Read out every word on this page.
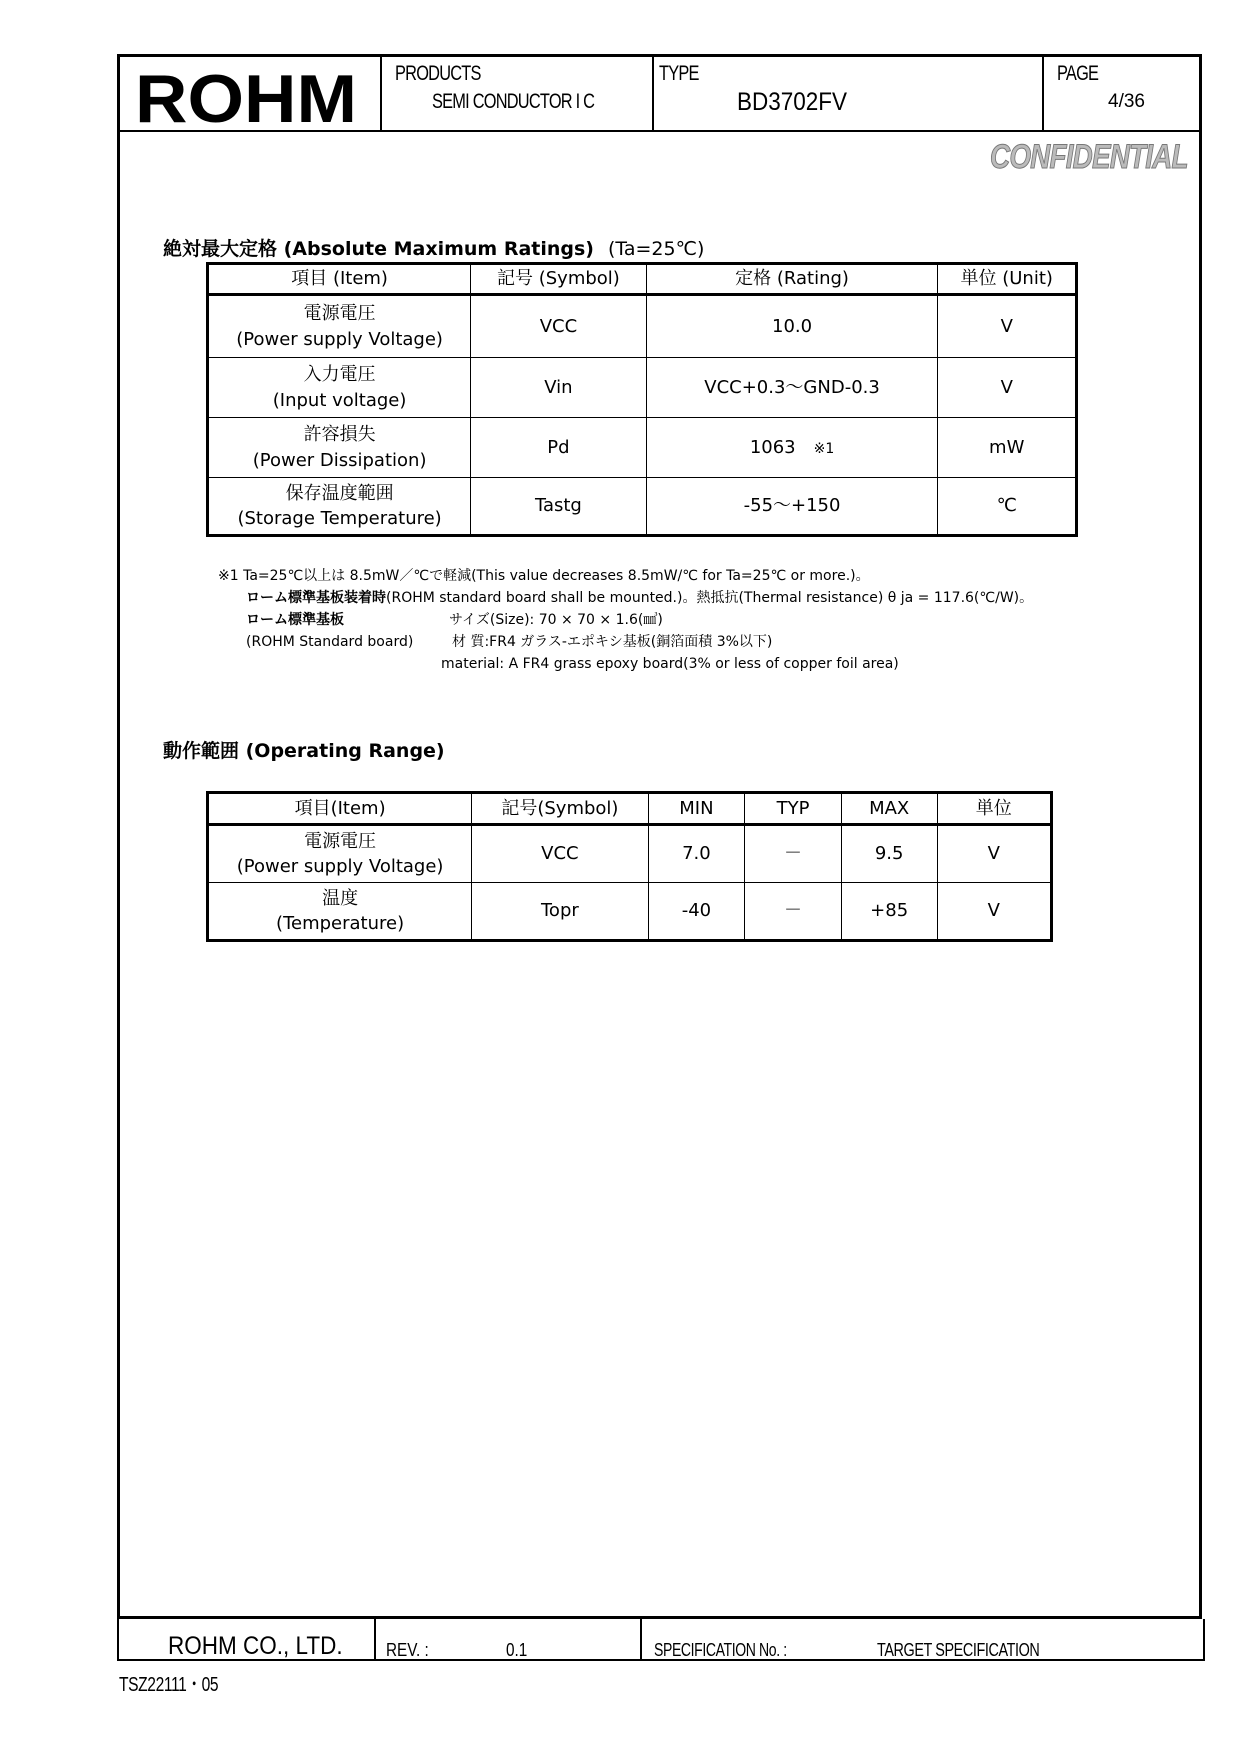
ROHM PRODUCTS
SEMI CONDUCTOR I C
TYPE
BD3702FV
PAGE
4/36
CONFIDENTIAL
絶対最大定格 (Absolute Maximum Ratings) (Ta=25℃)
項目 (Item)	記号 (Symbol)	定格 (Rating)	単位 (Unit)

電源電圧
(Power supply Voltage)	VCC	10.0	V

入力電圧
(Input voltage)	Vin	VCC+0.3～GND-0.3	V

許容損失
(Power Dissipation)	Pd	1063 ※1	mW

保存温度範囲
(Storage Temperature)	Tastg	-55～+150	℃
※1 Ta=25℃以上は 8.5mW／℃で軽減(This value decreases 8.5mW/℃ for Ta=25℃ or more.)。
ローム標準基板装着時(ROHM standard board shall be mounted.)。熱抵抗(Thermal resistance) θ ja = 117.6(℃/W)。
ローム標準基板	サイズ(Size): 70 × 70 × 1.6(㎣)
(ROHM Standard board)	材 質:FR4 ガラス-エポキシ基板(銅箔面積 3%以下)
material: A FR4 grass epoxy board(3% or less of copper foil area)
動作範囲 (Operating Range)
項目(Item)	記号(Symbol)	MIN	TYP	MAX	単位

電源電圧
(Power supply Voltage)	VCC	7.0	－	9.5	V

温度
(Temperature)	Topr	-40	－	+85	V
ROHM CO., LTD. REV. :	0.1	SPECIFICATION No. :	TARGET SPECIFICATION
TSZ22111・05
